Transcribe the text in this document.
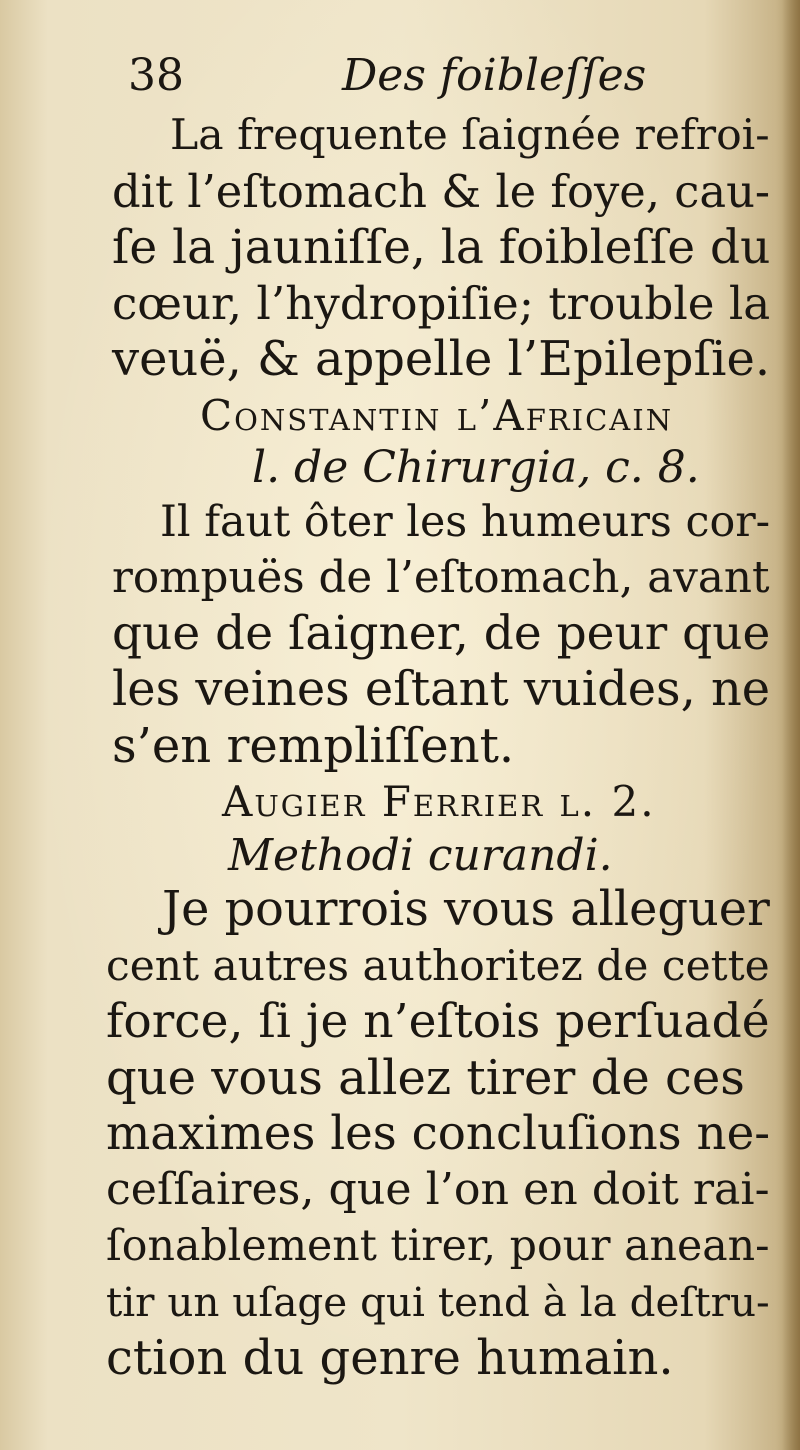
38	Des foibleſſes
La frequente ſaignée refroi-
dit l’eſtomach & le foye, cau-
ſe la jauniſſe, la foibleſſe du
cœur, l’hydropiſie; trouble la
veuë, & appelle l’Epilepſie.
Constantin l’Africain
l. de Chirurgia, c. 8.
Il faut ôter les humeurs cor-
rompuës de l’eſtomach, avant
que de ſaigner, de peur que
les veines eſtant vuides, ne
s’en rempliſſent.
Augier Ferrier l. 2.
Methodi curandi.
Je pourrois vous alleguer
cent autres authoritez de cette
force, ſi je n’eſtois perſuadé
que vous allez tirer de ces
maximes les concluſions ne-
ceſſaires, que l’on en doit rai-
ſonablement tirer, pour anean-
tir un uſage qui tend à la deſtru-
ction du genre humain.
